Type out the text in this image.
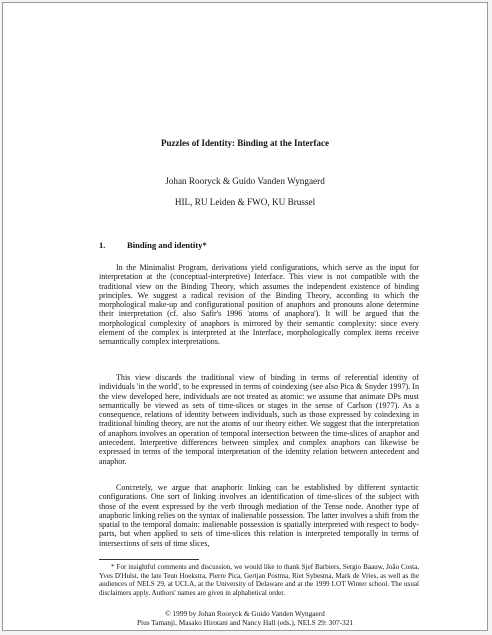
Puzzles of Identity: Binding at the Interface
Johan Rooryck & Guido Vanden Wyngaerd
HIL, RU Leiden & FWO, KU Brussel
1.	Binding and identity*

In the Minimalist Program, derivations yield configurations, which serve as the input for interpretation at the (conceptual-interpretive) Interface. This view is not compatible with the traditional view on the Binding Theory, which assumes the independent existence of binding principles. We suggest a radical revision of the Binding Theory, according to which the morphological make-up and configurational position of anaphors and pronouns alone determine their interpretation (cf. also Safir's 1996 'atoms of anaphora'). It will be argued that the morphological complexity of anaphors is mirrored by their semantic complexity: since every element of the complex is interpreted at the Interface, morphologically complex items receive semantically complex interpretations.

This view discards the traditional view of binding in terms of referential identity of individuals 'in the world', to be expressed in terms of coindexing (see also Pica & Snyder 1997). In the view developed here, individuals are not treated as atomic: we assume that animate DPs must semantically be viewed as sets of time-slices or stages in the sense of Carlson (1977). As a consequence, relations of identity between individuals, such as those expressed by coindexing in traditional binding theory, are not the atoms of our theory either. We suggest that the interpretation of anaphors involves an operation of temporal intersection between the time-slices of anaphor and antecedent. Interpretive differences between simplex and complex anaphors can likewise be expressed in terms of the temporal interpretation of the identity relation between antecedent and anaphor.

Concretely, we argue that anaphoric linking can be established by different syntactic configurations. One sort of linking involves an identification of time-slices of the subject with those of the event expressed by the verb through mediation of the Tense node. Another type of anaphoric linking relies on the syntax of inalienable possession. The latter involves a shift from the spatial to the temporal domain: inalienable possession is spatially interpreted with respect to body-parts, but when applied to sets of time-slices this relation is interpreted temporally in terms of intersections of sets of time slices,

* For insightful comments and discussion, we would like to thank Sjef Barbiers, Sergio Baauw, João Costa, Yves D'Hulst, the late Teun Hoekstra, Pierre Pica, Gertjan Postma, Riet Sybesma, Mark de Vries, as well as the audiences of NELS 29, at UCLA, at the University of Delaware and at the 1999 LOT Winter school. The usual disclaimers apply. Authors' names are given in alphabetical order.

© 1999 by Johan Rooryck & Guido Vanden Wyngaerd
Pius Tamanji, Masako Hirotani and Nancy Hall (eds.), NELS 29: 307-321
